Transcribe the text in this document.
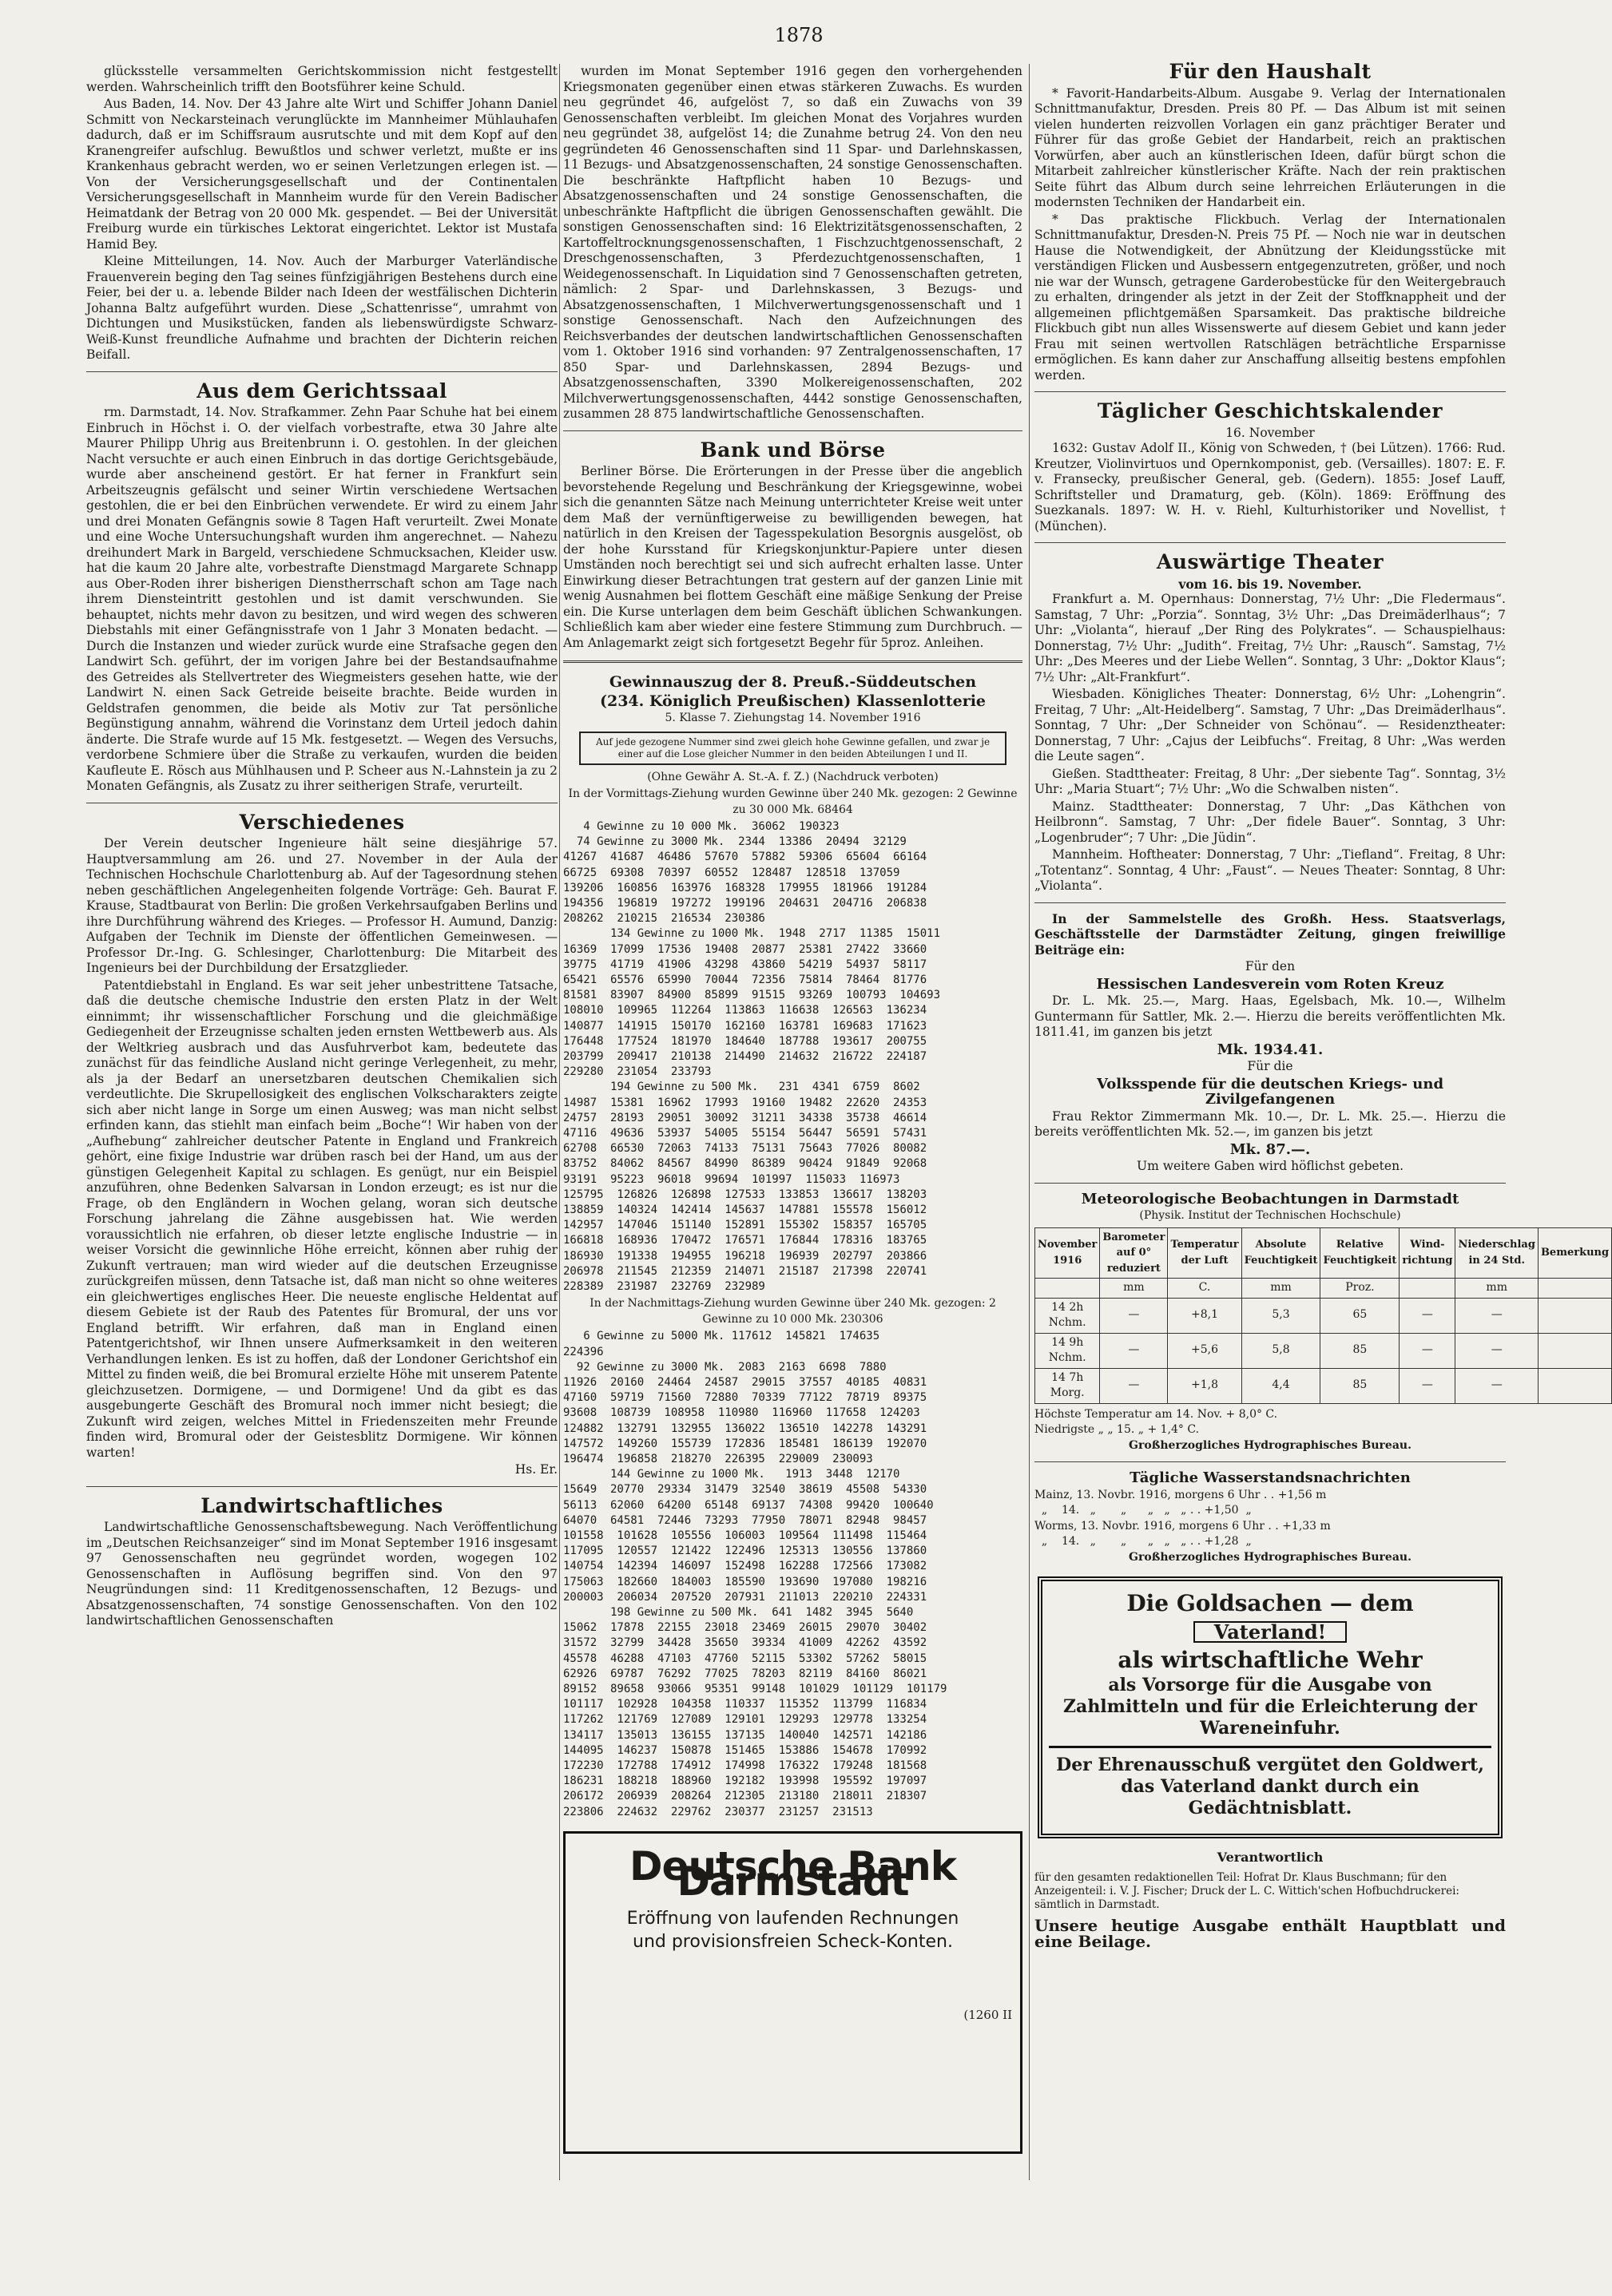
1878

glücksstelle versammelten Gerichtskommission nicht festgestellt werden. Wahrscheinlich trifft den Bootsführer keine Schuld.

Aus Baden, 14. Nov. Der 43 Jahre alte Wirt und Schiffer Johann Daniel Schmitt von Neckarsteinach verunglückte im Mannheimer Mühlauhafen dadurch, daß er im Schiffsraum ausrutschte und mit dem Kopf auf den Kranengreifer aufschlug. Bewußtlos und schwer verletzt, mußte er ins Krankenhaus gebracht werden, wo er seinen Verletzungen erlegen ist. — Von der Versicherungsgesellschaft und der Continentalen Versicherungsgesellschaft in Mannheim wurde für den Verein Badischer Heimatdank der Betrag von 20 000 Mk. gespendet. — Bei der Universität Freiburg wurde ein türkisches Lektorat eingerichtet. Lektor ist Mustafa Hamid Bey.

Kleine Mitteilungen, 14. Nov. Auch der Marburger Vaterländische Frauenverein beging den Tag seines fünfzigjährigen Bestehens durch eine Feier, bei der u. a. lebende Bilder nach Ideen der westfälischen Dichterin Johanna Baltz aufgeführt wurden. Diese „Schattenrisse“, umrahmt von Dichtungen und Musikstücken, fanden als liebenswürdigste Schwarz-Weiß-Kunst freundliche Aufnahme und brachten der Dichterin reichen Beifall.

Aus dem Gerichtssaal

rm. Darmstadt, 14. Nov. Strafkammer. Zehn Paar Schuhe hat bei einem Einbruch in Höchst i. O. der vielfach vorbestrafte, etwa 30 Jahre alte Maurer Philipp Uhrig aus Breitenbrunn i. O. gestohlen. In der gleichen Nacht versuchte er auch einen Einbruch in das dortige Gerichtsgebäude, wurde aber anscheinend gestört. Er hat ferner in Frankfurt sein Arbeitszeugnis gefälscht und seiner Wirtin verschiedene Wertsachen gestohlen, die er bei den Einbrüchen verwendete. Er wird zu einem Jahr und drei Monaten Gefängnis sowie 8 Tagen Haft verurteilt. Zwei Monate und eine Woche Untersuchungshaft wurden ihm angerechnet. — Nahezu dreihundert Mark in Bargeld, verschiedene Schmucksachen, Kleider usw. hat die kaum 20 Jahre alte, vorbestrafte Dienstmagd Margarete Schnapp aus Ober-Roden ihrer bisherigen Dienstherrschaft schon am Tage nach ihrem Diensteintritt gestohlen und ist damit verschwunden. Sie behauptet, nichts mehr davon zu besitzen, und wird wegen des schweren Diebstahls mit einer Gefängnisstrafe von 1 Jahr 3 Monaten bedacht. — Durch die Instanzen und wieder zurück wurde eine Strafsache gegen den Landwirt Sch. geführt, der im vorigen Jahre bei der Bestandsaufnahme des Getreides als Stellvertreter des Wiegmeisters gesehen hatte, wie der Landwirt N. einen Sack Getreide beiseite brachte. Beide wurden in Geldstrafen genommen, die beide als Motiv zur Tat persönliche Begünstigung annahm, während die Vorinstanz dem Urteil jedoch dahin änderte. Die Strafe wurde auf 15 Mk. festgesetzt. — Wegen des Versuchs, verdorbene Schmiere über die Straße zu verkaufen, wurden die beiden Kaufleute E. Rösch aus Mühlhausen und P. Scheer aus N.-Lahnstein ja zu 2 Monaten Gefängnis, als Zusatz zu ihrer seitherigen Strafe, verurteilt.

Verschiedenes

Der Verein deutscher Ingenieure hält seine diesjährige 57. Hauptversammlung am 26. und 27. November in der Aula der Technischen Hochschule Charlottenburg ab. Auf der Tagesordnung stehen neben geschäftlichen Angelegenheiten folgende Vorträge: Geh. Baurat F. Krause, Stadtbaurat von Berlin: Die großen Verkehrsaufgaben Berlins und ihre Durchführung während des Krieges. — Professor H. Aumund, Danzig: Aufgaben der Technik im Dienste der öffentlichen Gemeinwesen. — Professor Dr.-Ing. G. Schlesinger, Charlottenburg: Die Mitarbeit des Ingenieurs bei der Durchbildung der Ersatzglieder.

Patentdiebstahl in England. Es war seit jeher unbestrittene Tatsache, daß die deutsche chemische Industrie den ersten Platz in der Welt einnimmt; ihr wissenschaftlicher Forschung und die gleichmäßige Gediegenheit der Erzeugnisse schalten jeden ernsten Wettbewerb aus. Als der Weltkrieg ausbrach und das Ausfuhrverbot kam, bedeutete das zunächst für das feindliche Ausland nicht geringe Verlegenheit, zu mehr, als ja der Bedarf an unersetzbaren deutschen Chemikalien sich verdeutlichte. Die Skrupellosigkeit des englischen Volkscharakters zeigte sich aber nicht lange in Sorge um einen Ausweg; was man nicht selbst erfinden kann, das stiehlt man einfach beim „Boche“! Wir haben von der „Aufhebung“ zahlreicher deutscher Patente in England und Frankreich gehört, eine fixige Industrie war drüben rasch bei der Hand, um aus der günstigen Gelegenheit Kapital zu schlagen. Es genügt, nur ein Beispiel anzuführen, ohne Bedenken Salvarsan in London erzeugt; es ist nur die Frage, ob den Engländern in Wochen gelang, woran sich deutsche Forschung jahrelang die Zähne ausgebissen hat. Wie werden voraussichtlich nie erfahren, ob dieser letzte englische Industrie — in weiser Vorsicht die gewinnliche Höhe erreicht, können aber ruhig der Zukunft vertrauen; man wird wieder auf die deutschen Erzeugnisse zurückgreifen müssen, denn Tatsache ist, daß man nicht so ohne weiteres ein gleichwertiges englisches Heer. Die neueste englische Heldentat auf diesem Gebiete ist der Raub des Patentes für Bromural, der uns vor England betrifft. Wir erfahren, daß man in England einen Patentgerichtshof, wir Ihnen unsere Aufmerksamkeit in den weiteren Verhandlungen lenken. Es ist zu hoffen, daß der Londoner Gerichtshof ein Mittel zu finden weiß, die bei Bromural erzielte Höhe mit unserem Patente gleichzusetzen. Dormigene, — und Dormigene! Und da gibt es das ausgebungerte Geschäft des Bromural noch immer nicht besiegt; die Zukunft wird zeigen, welches Mittel in Friedenszeiten mehr Freunde finden wird, Bromural oder der Geistesblitz Dormigene. Wir können warten!

Hs. Er.
Landwirtschaftliches

Landwirtschaftliche Genossenschaftsbewegung. Nach Veröffentlichung im „Deutschen Reichsanzeiger“ sind im Monat September 1916 insgesamt 97 Genossenschaften neu gegründet worden, wogegen 102 Genossenschaften in Auflösung begriffen sind. Von den 97 Neugründungen sind: 11 Kreditgenossenschaften, 12 Bezugs- und Absatzgenossenschaften, 74 sonstige Genossenschaften. Von den 102 landwirtschaftlichen Genossenschaften

wurden im Monat September 1916 gegen den vorhergehenden Kriegsmonaten gegenüber einen etwas stärkeren Zuwachs. Es wurden neu gegründet 46, aufgelöst 7, so daß ein Zuwachs von 39 Genossenschaften verbleibt. Im gleichen Monat des Vorjahres wurden neu gegründet 38, aufgelöst 14; die Zunahme betrug 24. Von den neu gegründeten 46 Genossenschaften sind 11 Spar- und Darlehnskassen, 11 Bezugs- und Absatzgenossenschaften, 24 sonstige Genossenschaften. Die beschränkte Haftpflicht haben 10 Bezugs- und Absatzgenossenschaften und 24 sonstige Genossenschaften, die unbeschränkte Haftpflicht die übrigen Genossenschaften gewählt. Die sonstigen Genossenschaften sind: 16 Elektrizitätsgenossenschaften, 2 Kartoffeltrocknungsgenossenschaften, 1 Fischzuchtgenossenschaft, 2 Dreschgenossenschaften, 3 Pferdezuchtgenossenschaften, 1 Weidegenossenschaft. In Liquidation sind 7 Genossenschaften getreten, nämlich: 2 Spar- und Darlehnskassen, 3 Bezugs- und Absatzgenossenschaften, 1 Milchverwertungsgenossenschaft und 1 sonstige Genossenschaft. Nach den Aufzeichnungen des Reichsverbandes der deutschen landwirtschaftlichen Genossenschaften vom 1. Oktober 1916 sind vorhanden: 97 Zentralgenossenschaften, 17 850 Spar- und Darlehnskassen, 2894 Bezugs- und Absatzgenossenschaften, 3390 Molkereigenossenschaften, 202 Milchverwertungsgenossenschaften, 4442 sonstige Genossenschaften, zusammen 28 875 landwirtschaftliche Genossenschaften.

Bank und Börse

Berliner Börse. Die Erörterungen in der Presse über die angeblich bevorstehende Regelung und Beschränkung der Kriegsgewinne, wobei sich die genannten Sätze nach Meinung unterrichteter Kreise weit unter dem Maß der vernünftigerweise zu bewilligenden bewegen, hat natürlich in den Kreisen der Tagesspekulation Besorgnis ausgelöst, ob der hohe Kursstand für Kriegskonjunktur-Papiere unter diesen Umständen noch berechtigt sei und sich aufrecht erhalten lasse. Unter Einwirkung dieser Betrachtungen trat gestern auf der ganzen Linie mit wenig Ausnahmen bei flottem Geschäft eine mäßige Senkung der Preise ein. Die Kurse unterlagen dem beim Geschäft üblichen Schwankungen. Schließlich kam aber wieder eine festere Stimmung zum Durchbruch. — Am Anlagemarkt zeigt sich fortgesetzt Begehr für 5proz. Anleihen.

Gewinnauszug der 8. Preuß.-Süddeutschen
(234. Königlich Preußischen) Klassenlotterie
5. Klasse 7. Ziehungstag 14. November 1916
Auf jede gezogene Nummer sind zwei gleich hohe Gewinne gefallen, und zwar je einer auf die Lose gleicher Nummer in den beiden Abteilungen I und II.
(Ohne Gewähr A. St.-A. f. Z.) (Nachdruck verboten)
In der Vormittags-Ziehung wurden Gewinne über 240 Mk. gezogen: 2 Gewinne zu 30 000 Mk. 68464
4 Gewinne zu 10 000 Mk.  36062  190323
74 Gewinne zu 3000 Mk.  2344  13386  20494  32129
41267  41687  46486  57670  57882  59306  65604  66164
66725  69308  70397  60552  128487  128518  137059
139206  160856  163976  168328  179955  181966  191284
194356  196819  197272  199196  204631  204716  206838
208262  210215  216534  230386
134 Gewinne zu 1000 Mk.  1948  2717  11385  15011
16369  17099  17536  19408  20877  25381  27422  33660
39775  41719  41906  43298  43860  54219  54937  58117
65421  65576  65990  70044  72356  75814  78464  81776
81581  83907  84900  85899  91515  93269  100793  104693
108010  109965  112264  113863  116638  126563  136234
140877  141915  150170  162160  163781  169683  171623
176448  177524  181970  184640  187788  193617  200755
203799  209417  210138  214490  214632  216722  224187
229280  231054  233793
194 Gewinne zu 500 Mk.   231  4341  6759  8602
14987  15381  16962  17993  19160  19482  22620  24353
24757  28193  29051  30092  31211  34338  35738  46614
47116  49636  53937  54005  55154  56447  56591  57431
62708  66530  72063  74133  75131  75643  77026  80082
83752  84062  84567  84990  86389  90424  91849  92068
93191  95223  96018  99694  101997  115033  116973
125795  126826  126898  127533  133853  136617  138203
138859  140324  142414  145637  147881  155578  156012
142957  147046  151140  152891  155302  158357  165705
166818  168936  170472  176571  176844  178316  183765
186930  191338  194955  196218  196939  202797  203866
206978  211545  212359  214071  215187  217398  220741
228389  231987  232769  232989
In der Nachmittags-Ziehung wurden Gewinne über 240 Mk. gezogen: 2 Gewinne zu 10 000 Mk. 230306
6 Gewinne zu 5000 Mk. 117612  145821  174635
224396
92 Gewinne zu 3000 Mk.  2083  2163  6698  7880
11926  20160  24464  24587  29015  37557  40185  40831
47160  59719  71560  72880  70339  77122  78719  89375
93608  108739  108958  110980  116960  117658  124203
124882  132791  132955  136022  136510  142278  143291
147572  149260  155739  172836  185481  186139  192070
196474  196858  218270  226395  229009  230093
144 Gewinne zu 1000 Mk.   1913  3448  12170
15649  20770  29334  31479  32540  38619  45508  54330
56113  62060  64200  65148  69137  74308  99420  100640
64070  64581  72446  73293  77950  78071  82948  98457
101558  101628  105556  106003  109564  111498  115464
117095  120557  121422  122496  125313  130556  137860
140754  142394  146097  152498  162288  172566  173082
175063  182660  184003  185590  193690  197080  198216
200003  206034  207520  207931  211013  220210  224331
198 Gewinne zu 500 Mk.  641  1482  3945  5640
15062  17878  22155  23018  23469  26015  29070  30402
31572  32799  34428  35650  39334  41009  42262  43592
45578  46288  47103  47760  52115  53302  57262  58015
62926  69787  76292  77025  78203  82119  84160  86021
89152  89658  93066  95351  99148  101029  101129  101179
101117  102928  104358  110337  115352  113799  116834
117262  121769  127089  129101  129293  129778  133254
134117  135013  136155  137135  140040  142571  142186
144095  146237  150878  151465  153886  154678  170992
172230  172788  174912  174998  176322  179248  181568
186231  188218  188960  192182  193998  195592  197097
206172  206939  208264  212305  213180  218011  218307
223806  224632  229762  230377  231257  231513
Deutsche Bank Darmstadt
Eröffnung von laufenden Rechnungen
und provisionsfreien Scheck-Konten.
(1260 II
Für den Haushalt

* Favorit-Handarbeits-Album. Ausgabe 9. Verlag der Internationalen Schnittmanufaktur, Dresden. Preis 80 Pf. — Das Album ist mit seinen vielen hunderten reizvollen Vorlagen ein ganz prächtiger Berater und Führer für das große Gebiet der Handarbeit, reich an praktischen Vorwürfen, aber auch an künstlerischen Ideen, dafür bürgt schon die Mitarbeit zahlreicher künstlerischer Kräfte. Nach der rein praktischen Seite führt das Album durch seine lehrreichen Erläuterungen in die modernsten Techniken der Handarbeit ein.

* Das praktische Flickbuch. Verlag der Internationalen Schnittmanufaktur, Dresden-N. Preis 75 Pf. — Noch nie war in deutschen Hause die Notwendigkeit, der Abnützung der Kleidungsstücke mit verständigen Flicken und Ausbessern entgegenzutreten, größer, und noch nie war der Wunsch, getragene Garderobestücke für den Weitergebrauch zu erhalten, dringender als jetzt in der Zeit der Stoffknappheit und der allgemeinen pflichtgemäßen Sparsamkeit. Das praktische bildreiche Flickbuch gibt nun alles Wissenswerte auf diesem Gebiet und kann jeder Frau mit seinen wertvollen Ratschlägen beträchtliche Ersparnisse ermöglichen. Es kann daher zur Anschaffung allseitig bestens empfohlen werden.

Täglicher Geschichtskalender
16. November

1632: Gustav Adolf II., König von Schweden, † (bei Lützen). 1766: Rud. Kreutzer, Violinvirtuos und Opernkomponist, geb. (Versailles). 1807: E. F. v. Fransecky, preußischer General, geb. (Gedern). 1855: Josef Lauff, Schriftsteller und Dramaturg, geb. (Köln). 1869: Eröffnung des Suezkanals. 1897: W. H. v. Riehl, Kulturhistoriker und Novellist, † (München).

Auswärtige Theater
vom 16. bis 19. November.

Frankfurt a. M. Opernhaus: Donnerstag, 7½ Uhr: „Die Fledermaus“. Samstag, 7 Uhr: „Porzia“. Sonntag, 3½ Uhr: „Das Dreimäderlhaus“; 7 Uhr: „Violanta“, hierauf „Der Ring des Polykrates“. — Schauspielhaus: Donnerstag, 7½ Uhr: „Judith“. Freitag, 7½ Uhr: „Rausch“. Samstag, 7½ Uhr: „Des Meeres und der Liebe Wellen“. Sonntag, 3 Uhr: „Doktor Klaus“; 7½ Uhr: „Alt-Frankfurt“.

Wiesbaden. Königliches Theater: Donnerstag, 6½ Uhr: „Lohengrin“. Freitag, 7 Uhr: „Alt-Heidelberg“. Samstag, 7 Uhr: „Das Dreimäderlhaus“. Sonntag, 7 Uhr: „Der Schneider von Schönau“. — Residenztheater: Donnerstag, 7 Uhr: „Cajus der Leibfuchs“. Freitag, 8 Uhr: „Was werden die Leute sagen“.

Gießen. Stadttheater: Freitag, 8 Uhr: „Der siebente Tag“. Sonntag, 3½ Uhr: „Maria Stuart“; 7½ Uhr: „Wo die Schwalben nisten“.

Mainz. Stadttheater: Donnerstag, 7 Uhr: „Das Käthchen von Heilbronn“. Samstag, 7 Uhr: „Der fidele Bauer“. Sonntag, 3 Uhr: „Logenbruder“; 7 Uhr: „Die Jüdin“.

Mannheim. Hoftheater: Donnerstag, 7 Uhr: „Tiefland“. Freitag, 8 Uhr: „Totentanz“. Sonntag, 4 Uhr: „Faust“. — Neues Theater: Sonntag, 8 Uhr: „Violanta“.

In der Sammelstelle des Großh. Hess. Staatsverlags, Geschäftsstelle der Darmstädter Zeitung, gingen freiwillige Beiträge ein:

Für den
Hessischen Landesverein vom Roten Kreuz

Dr. L. Mk. 25.—, Marg. Haas, Egelsbach, Mk. 10.—, Wilhelm Guntermann für Sattler, Mk. 2.—. Hierzu die bereits veröffentlichten Mk. 1811.41, im ganzen bis jetzt

Mk. 1934.41.
Für die
Volksspende für die deutschen Kriegs- und Zivilgefangenen

Frau Rektor Zimmermann Mk. 10.—, Dr. L. Mk. 25.—. Hierzu die bereits veröffentlichten Mk. 52.—, im ganzen bis jetzt

Mk. 87.—.
Um weitere Gaben wird höflichst gebeten.
Meteorologische Beobachtungen in Darmstadt
(Physik. Institut der Technischen Hochschule)
November 1916	Barometer auf 0° reduziert	Temperatur der Luft	Absolute Feuchtigkeit	Relative Feuchtigkeit	Wind-richtung	Niederschlag in 24 Std.	Bemerkung
	mm	C.	mm	Proz.		mm	
14 2h Nchm.	—	+8,1	5,3	65	—	—	
14 9h Nchm.	—	+5,6	5,8	85	—	—	
14 7h Morg.	—	+1,8	4,4	85	—	—	
Höchste Temperatur am 14. Nov. + 8,0° C.
Niedrigste „ „ 15. „ + 1,4° C.
Großherzogliches Hydrographisches Bureau.
Tägliche Wasserstandsnachrichten
Mainz, 13. Novbr. 1916, morgens 6 Uhr . . +1,56 m
„    14.   „       „      „   „   „ . . +1,50  „
Worms, 13. Novbr. 1916, morgens 6 Uhr . . +1,33 m
„    14.   „       „      „   „   „ . . +1,28  „
Großherzogliches Hydrographisches Bureau.
Die Goldsachen — dem
Vaterland!
als wirtschaftliche Wehr
als Vorsorge für die Ausgabe von Zahlmitteln und für die Erleichterung der Wareneinfuhr.
Der Ehrenausschuß vergütet den Goldwert, das Vaterland dankt durch ein Gedächtnisblatt.
Verantwortlich
für den gesamten redaktionellen Teil: Hofrat Dr. Klaus Buschmann; für den Anzeigenteil: i. V. J. Fischer; Druck der L. C. Wittich'schen Hofbuchdruckerei: sämtlich in Darmstadt.
Unsere heutige Ausgabe enthält Hauptblatt und eine Beilage.
